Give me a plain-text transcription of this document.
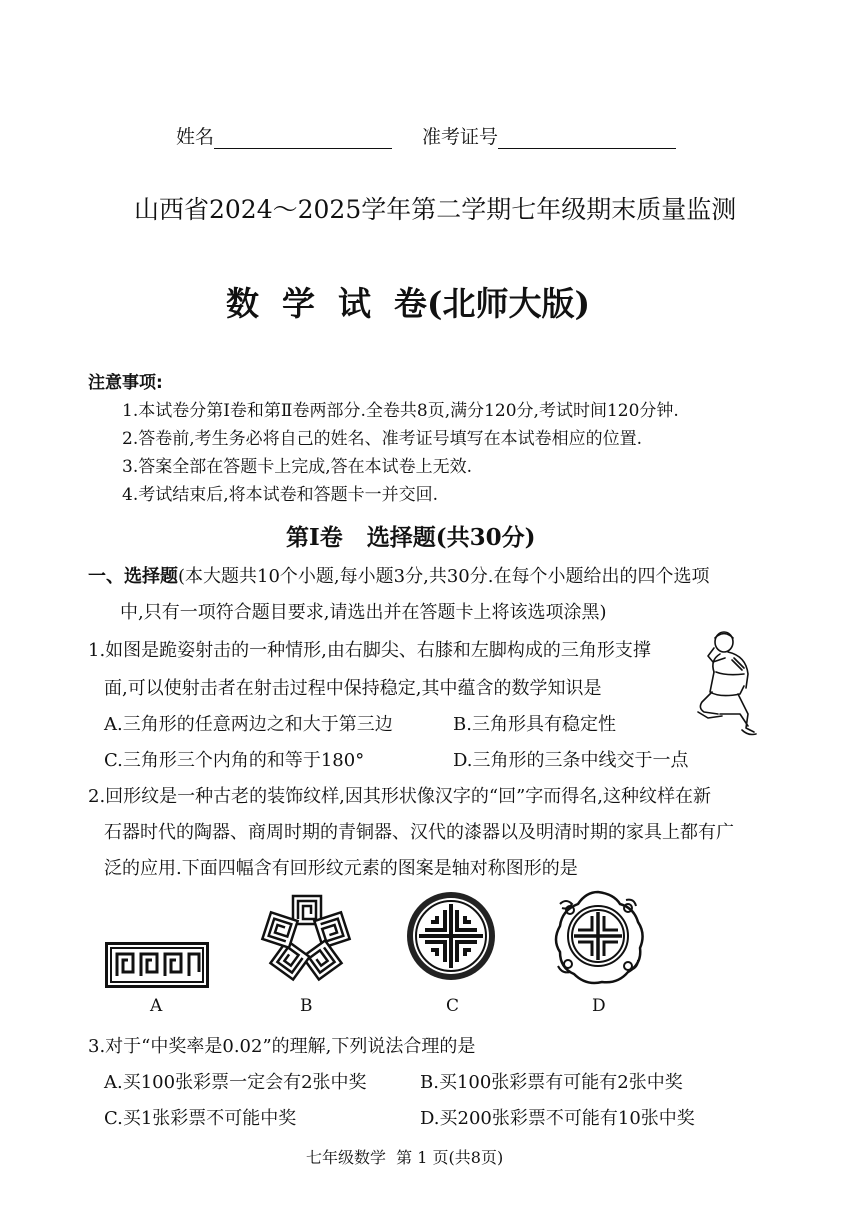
姓名	准考证号
山西省2024～2025学年第二学期七年级期末质量监测
数  学  试  卷(北师大版)
注意事项:
1.本试卷分第Ⅰ卷和第Ⅱ卷两部分.全卷共8页,满分120分,考试时间120分钟.
2.答卷前,考生务必将自己的姓名、准考证号填写在本试卷相应的位置.
3.答案全部在答题卡上完成,答在本试卷上无效.
4.考试结束后,将本试卷和答题卡一并交回.
第Ⅰ卷   选择题(共30分)
一、选择题(本大题共10个小题,每小题3分,共30分.在每个小题给出的四个选项
中,只有一项符合题目要求,请选出并在答题卡上将该选项涂黑)
1.如图是跪姿射击的一种情形,由右脚尖、右膝和左脚构成的三角形支撑
面,可以使射击者在射击过程中保持稳定,其中蕴含的数学知识是
A.三角形的任意两边之和大于第三边	B.三角形具有稳定性
C.三角形三个内角的和等于180°	D.三角形的三条中线交于一点
2.回形纹是一种古老的装饰纹样,因其形状像汉字的“回”字而得名,这种纹样在新
石器时代的陶器、商周时期的青铜器、汉代的漆器以及明清时期的家具上都有广
泛的应用.下面四幅含有回形纹元素的图案是轴对称图形的是
A	B	C	D
3.对于“中奖率是0.02”的理解,下列说法合理的是
A.买100张彩票一定会有2张中奖	B.买100张彩票有可能有2张中奖
C.买1张彩票不可能中奖	D.买200张彩票不可能有10张中奖
七年级数学  第 1 页(共8页)
